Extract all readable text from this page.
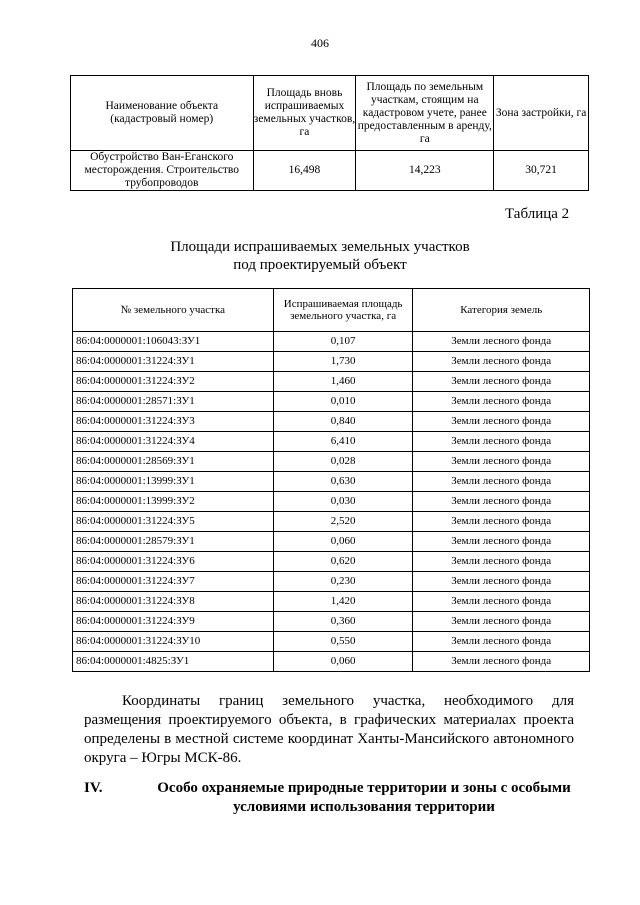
406
Наименование объекта (кадастровый номер)	Площадь вновь испрашиваемых земельных участков, га	Площадь по земельным участкам, стоящим на кадастровом учете, ранее предоставленным в аренду, га	Зона застройки, га
Обустройство Ван-Еганского месторождения. Строительство трубопроводов	16,498	14,223	30,721
Таблица 2
Площади испрашиваемых земельных участков
под проектируемый объект
№ земельного участка	Испрашиваемая площадь земельного участка, га	Категория земель
86:04:0000001:106043:ЗУ1	0,107	Земли лесного фонда
86:04:0000001:31224:ЗУ1	1,730	Земли лесного фонда
86:04:0000001:31224:ЗУ2	1,460	Земли лесного фонда
86:04:0000001:28571:ЗУ1	0,010	Земли лесного фонда
86:04:0000001:31224:ЗУ3	0,840	Земли лесного фонда
86:04:0000001:31224:ЗУ4	6,410	Земли лесного фонда
86:04:0000001:28569:ЗУ1	0,028	Земли лесного фонда
86:04:0000001:13999:ЗУ1	0,630	Земли лесного фонда
86:04:0000001:13999:ЗУ2	0,030	Земли лесного фонда
86:04:0000001:31224:ЗУ5	2,520	Земли лесного фонда
86:04:0000001:28579:ЗУ1	0,060	Земли лесного фонда
86:04:0000001:31224:ЗУ6	0,620	Земли лесного фонда
86:04:0000001:31224:ЗУ7	0,230	Земли лесного фонда
86:04:0000001:31224:ЗУ8	1,420	Земли лесного фонда
86:04:0000001:31224:ЗУ9	0,360	Земли лесного фонда
86:04:0000001:31224:ЗУ10	0,550	Земли лесного фонда
86:04:0000001:4825:ЗУ1	0,060	Земли лесного фонда
Координаты границ земельного участка, необходимого для размещения проектируемого объекта, в графических материалах проекта определены в местной системе координат Ханты-Мансийского автономного округа – Югры МСК-86.
IV.	Особо охраняемые природные территории и зоны с особыми условиями использования территории
